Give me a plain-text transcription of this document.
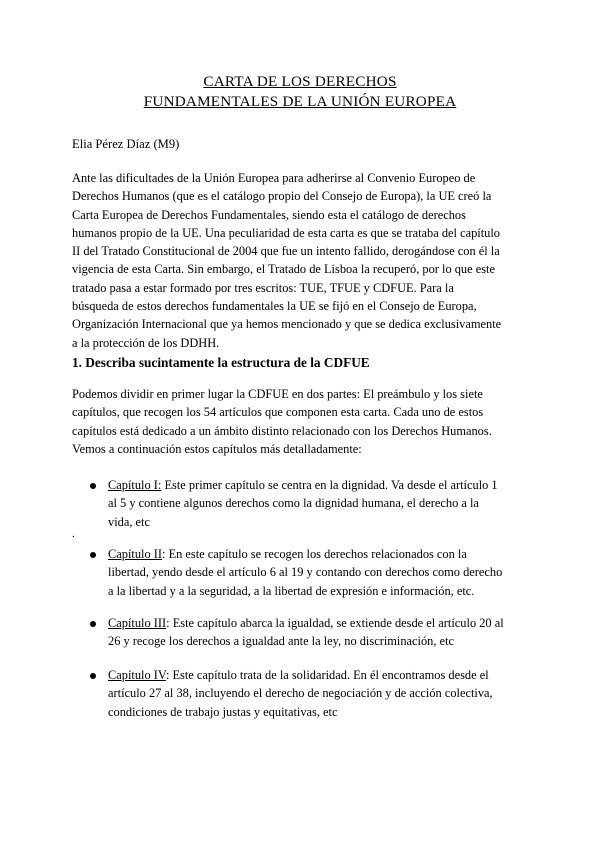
CARTA DE LOS DERECHOS
FUNDAMENTALES DE LA UNIÓN EUROPEA
Elia Pérez Díaz (M9)
Ante las dificultades de la Unión Europea para adherirse al Convenio Europeo de
Derechos Humanos (que es el catálogo propio del Consejo de Europa), la UE creó la
Carta Europea de Derechos Fundamentales, siendo esta el catálogo de derechos
humanos propio de la UE. Una peculiaridad de esta carta es que se trataba del capítulo
II del Tratado Constitucional de 2004 que fue un intento fallido, derogándose con él la
vigencia de esta Carta. Sin embargo, el Tratado de Lisboa la recuperó, por lo que este
tratado pasa a estar formado por tres escritos: TUE, TFUE y CDFUE. Para la
búsqueda de estos derechos fundamentales la UE se fijó en el Consejo de Europa,
Organización Internacional que ya hemos mencionado y que se dedica exclusivamente
a la protección de los DDHH.
1. Describa sucintamente la estructura de la CDFUE
Podemos dividir en primer lugar la CDFUE en dos partes: El preámbulo y los siete
capítulos, que recogen los 54 artículos que componen esta carta. Cada uno de estos
capítulos está dedicado a un ámbito distinto relacionado con los Derechos Humanos.
Vemos a continuación estos capítulos más detalladamente:
Capítulo I: Este primer capítulo se centra en la dignidad. Va desde el artículo 1
al 5 y contiene algunos derechos como la dignidad humana, el derecho a la
vida, etc
.
Capítulo II: En este capítulo se recogen los derechos relacionados con la
libertad, yendo desde el artículo 6 al 19 y contando con derechos como derecho
a la libertad y a la seguridad, a la libertad de expresión e información, etc.
Capítulo III: Este capítulo abarca la igualdad, se extiende desde el artículo 20 al
26 y recoge los derechos a igualdad ante la ley, no discriminación, etc
Capítulo IV: Este capítulo trata de la solidaridad. En él encontramos desde el
artículo 27 al 38, incluyendo el derecho de negociación y de acción colectiva,
condiciones de trabajo justas y equitativas, etc
